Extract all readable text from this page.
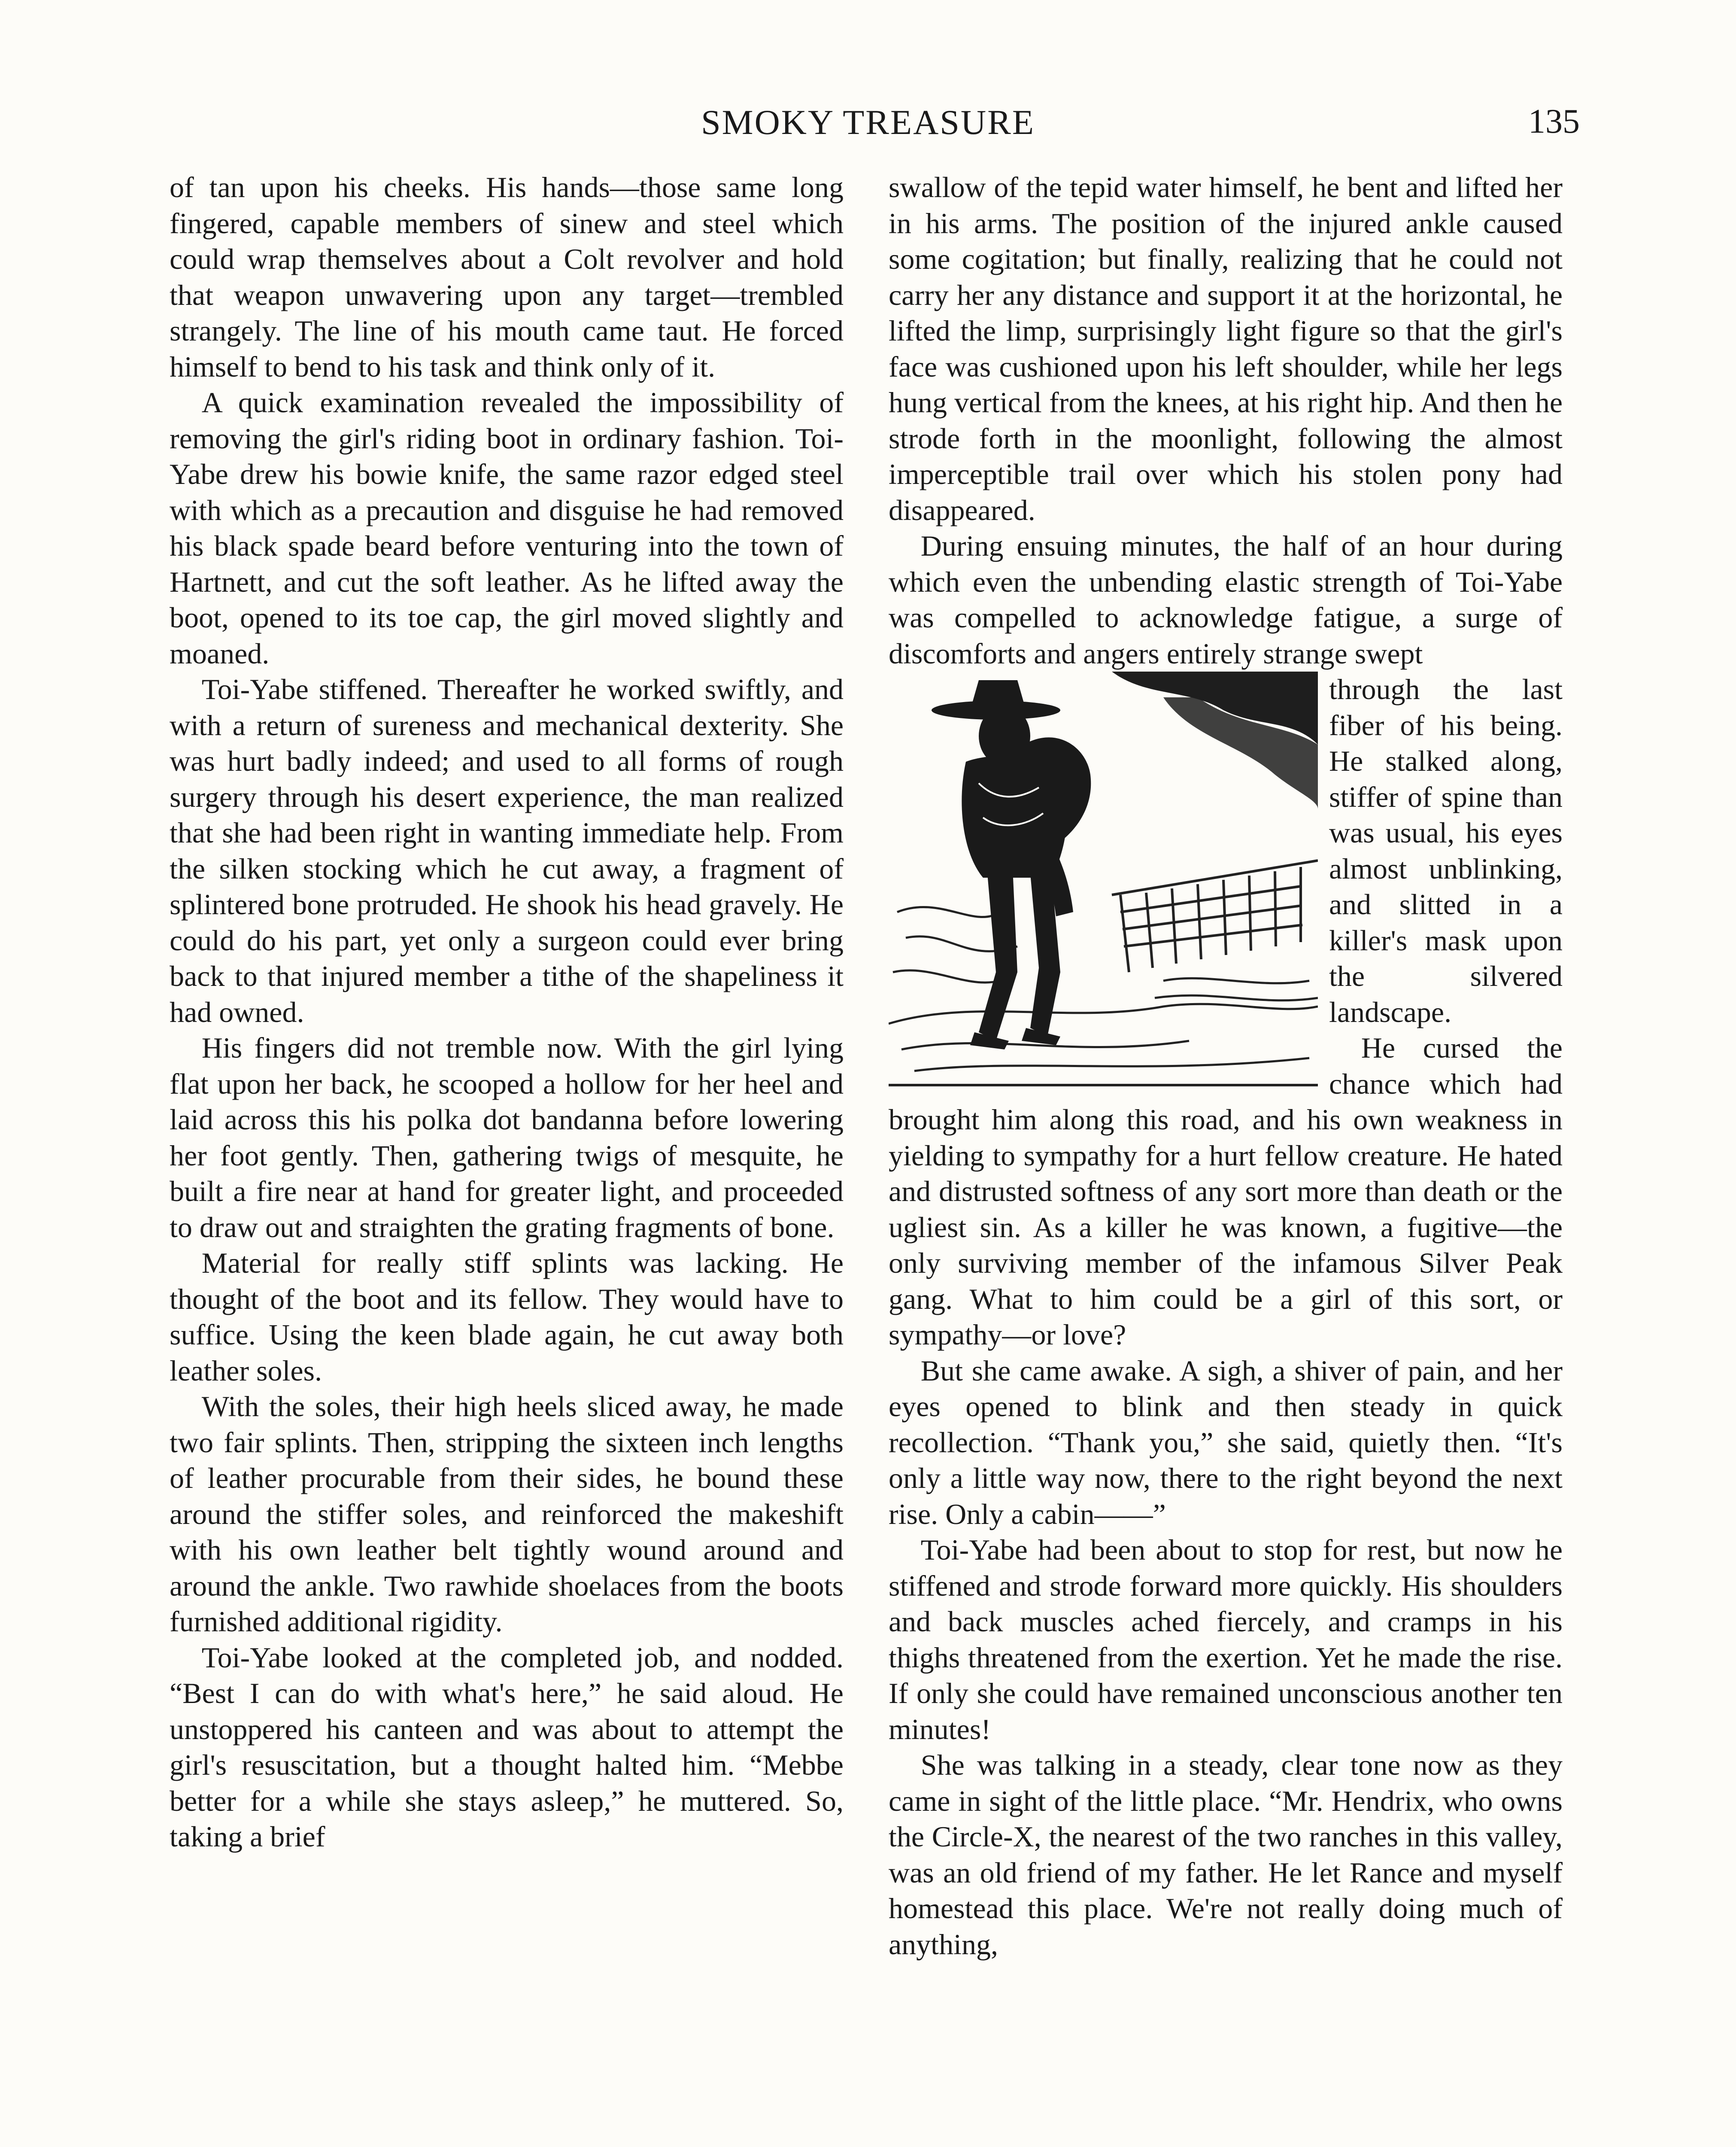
SMOKY TREASURE	135

of tan upon his cheeks. His hands—those same long fingered, capable members of sinew and steel which could wrap themselves about a Colt revolver and hold that weapon unwavering upon any target—trembled strangely. The line of his mouth came taut. He forced himself to bend to his task and think only of it.

A quick examination revealed the impossibility of removing the girl's riding boot in ordinary fashion. Toi-Yabe drew his bowie knife, the same razor edged steel with which as a precaution and disguise he had removed his black spade beard before venturing into the town of Hartnett, and cut the soft leather. As he lifted away the boot, opened to its toe cap, the girl moved slightly and moaned.

Toi-Yabe stiffened. Thereafter he worked swiftly, and with a return of sureness and mechanical dexterity. She was hurt badly indeed; and used to all forms of rough surgery through his desert experience, the man realized that she had been right in wanting immediate help. From the silken stocking which he cut away, a fragment of splintered bone protruded. He shook his head gravely. He could do his part, yet only a surgeon could ever bring back to that injured member a tithe of the shapeliness it had owned.

His fingers did not tremble now. With the girl lying flat upon her back, he scooped a hollow for her heel and laid across this his polka dot bandanna before lowering her foot gently. Then, gathering twigs of mesquite, he built a fire near at hand for greater light, and proceeded to draw out and straighten the grating fragments of bone.

Material for really stiff splints was lacking. He thought of the boot and its fellow. They would have to suffice. Using the keen blade again, he cut away both leather soles.

With the soles, their high heels sliced away, he made two fair splints. Then, stripping the sixteen inch lengths of leather procurable from their sides, he bound these around the stiffer soles, and reinforced the makeshift with his own leather belt tightly wound around and around the ankle. Two rawhide shoelaces from the boots furnished additional rigidity.

Toi-Yabe looked at the completed job, and nodded. “Best I can do with what's here,” he said aloud. He unstoppered his canteen and was about to attempt the girl's resuscitation, but a thought halted him. “Mebbe better for a while she stays asleep,” he muttered. So, taking a brief

swallow of the tepid water himself, he bent and lifted her in his arms. The position of the injured ankle caused some cogitation; but finally, realizing that he could not carry her any distance and support it at the horizontal, he lifted the limp, surprisingly light figure so that the girl's face was cushioned upon his left shoulder, while her legs hung vertical from the knees, at his right hip. And then he strode forth in the moonlight, following the almost imperceptible trail over which his stolen pony had disappeared.

During ensuing minutes, the half of an hour during which even the unbending elastic strength of Toi-Yabe was compelled to acknowledge fatigue, a surge of discomforts and angers entirely strange swept

through the last fiber of his being. He stalked along, stiffer of spine than was usual, his eyes almost unblinking, and slitted in a killer's mask upon the silvered landscape.

He cursed the chance which had brought him along this road, and his own weakness in yielding to sympathy for a hurt fellow creature. He hated and distrusted softness of any sort more than death or the ugliest sin. As a killer he was known, a fugitive—the only surviving member of the infamous Silver Peak gang. What to him could be a girl of this sort, or sympathy—or love?

But she came awake. A sigh, a shiver of pain, and her eyes opened to blink and then steady in quick recollection. “Thank you,” she said, quietly then. “It's only a little way now, there to the right beyond the next rise. Only a cabin——”

Toi-Yabe had been about to stop for rest, but now he stiffened and strode forward more quickly. His shoulders and back muscles ached fiercely, and cramps in his thighs threatened from the exertion. Yet he made the rise. If only she could have remained unconscious another ten minutes!

She was talking in a steady, clear tone now as they came in sight of the little place. “Mr. Hendrix, who owns the Circle-X, the nearest of the two ranches in this valley, was an old friend of my father. He let Rance and myself homestead this place. We're not really doing much of anything,
